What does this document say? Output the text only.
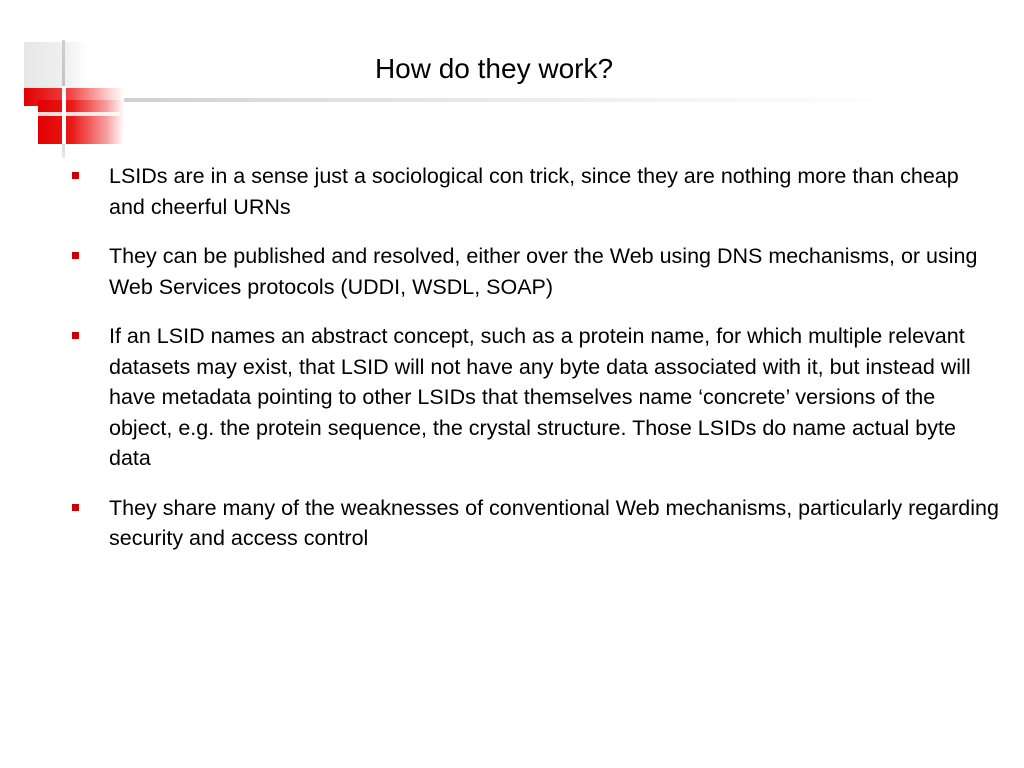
How do they work?
LSIDs are in a sense just a sociological con trick, since they are nothing more than cheap and cheerful URNs
They can be published and resolved, either over the Web using DNS mechanisms, or using Web Services protocols (UDDI, WSDL, SOAP)
If an LSID names an abstract concept, such as a protein name, for which multiple relevant datasets may exist, that LSID will not have any byte data associated with it, but instead will have metadata pointing to other LSIDs that themselves name ‘concrete’ versions of the object, e.g. the protein sequence, the crystal structure. Those LSIDs do name actual byte data
They share many of the weaknesses of conventional Web mechanisms, particularly regarding security and access control
